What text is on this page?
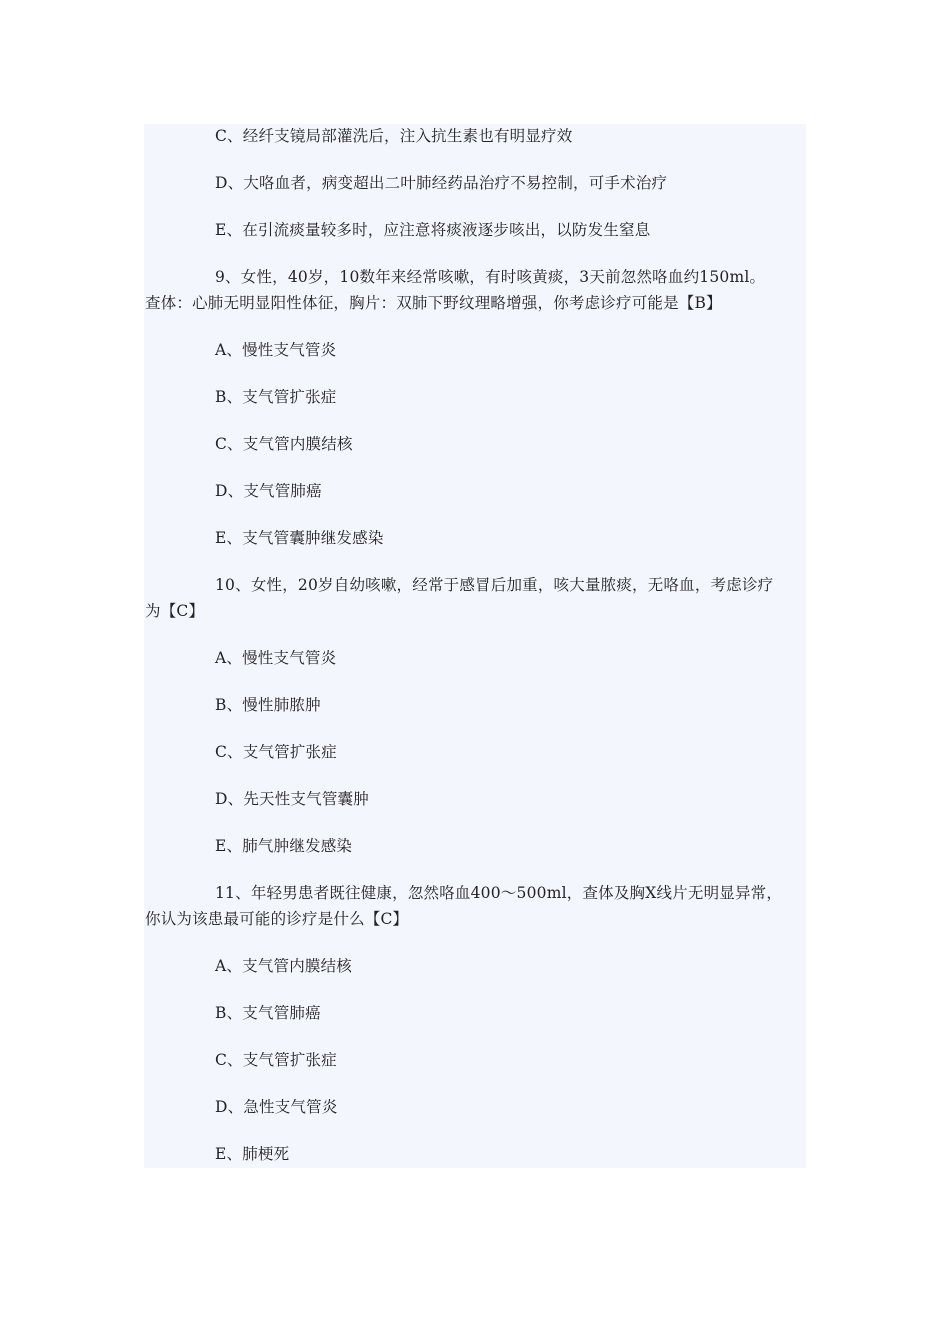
C、经纤支镜局部灌洗后，注入抗生素也有明显疗效
D、大咯血者，病变超出二叶肺经药品治疗不易控制，可手术治疗
E、在引流痰量较多时，应注意将痰液逐步咳出，以防发生窒息
9、女性，40岁，10数年来经常咳嗽，有时咳黄痰，3天前忽然咯血约150ml。
查体：心肺无明显阳性体征，胸片：双肺下野纹理略增强，你考虑诊疗可能是【B】
A、慢性支气管炎
B、支气管扩张症
C、支气管内膜结核
D、支气管肺癌
E、支气管囊肿继发感染
10、女性，20岁自幼咳嗽，经常于感冒后加重，咳大量脓痰，无咯血，考虑诊疗
为【C】
A、慢性支气管炎
B、慢性肺脓肿
C、支气管扩张症
D、先天性支气管囊肿
E、肺气肿继发感染
11、年轻男患者既往健康，忽然咯血400～500ml，查体及胸X线片无明显异常，
你认为该患最可能的诊疗是什么【C】
A、支气管内膜结核
B、支气管肺癌
C、支气管扩张症
D、急性支气管炎
E、肺梗死
